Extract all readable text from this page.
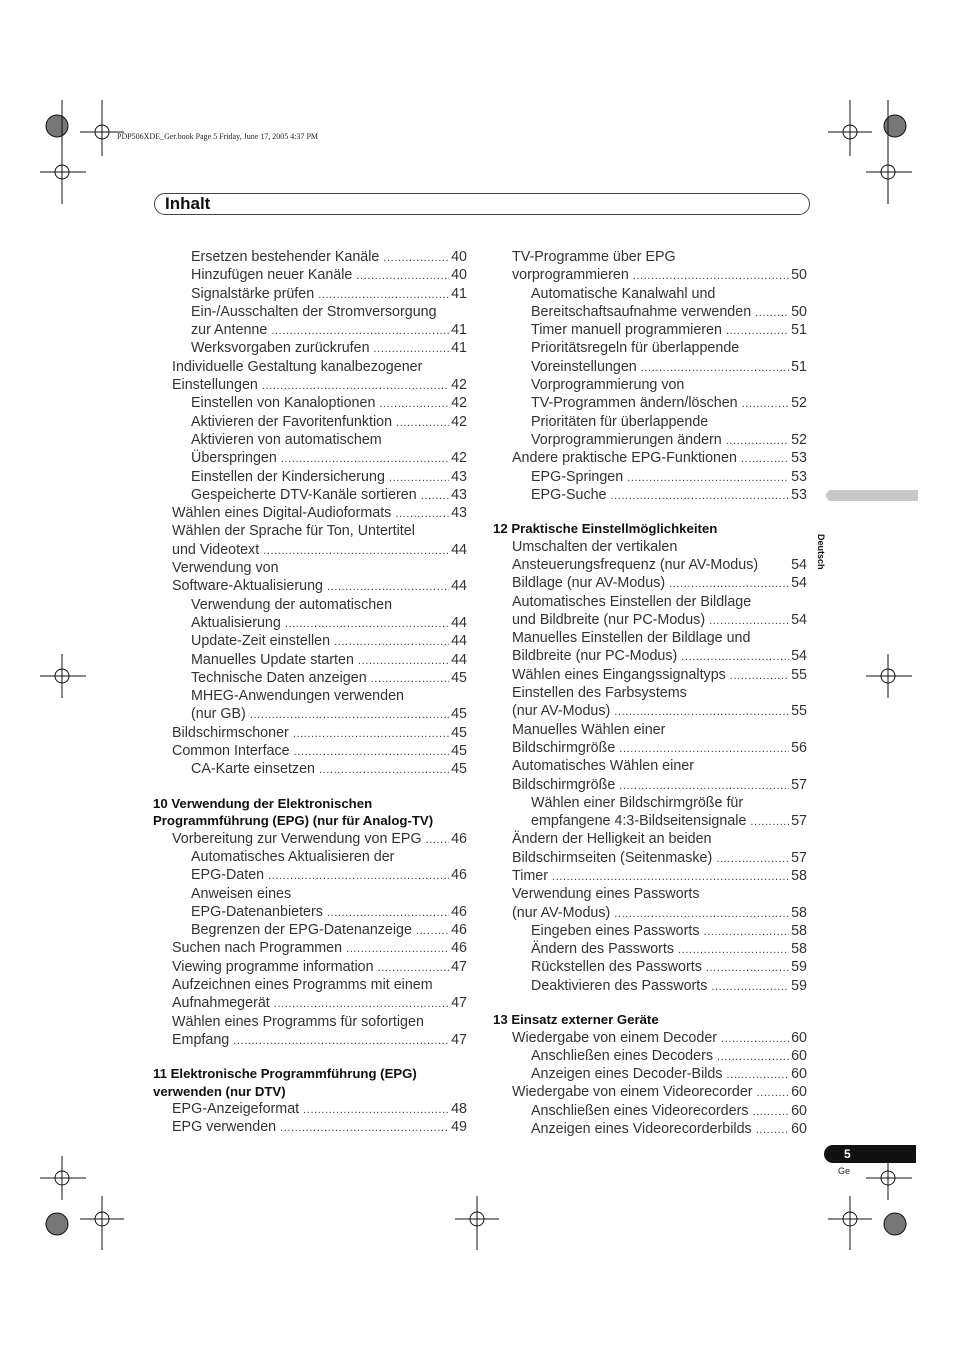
PDP506XDE_Ger.book Page 5 Friday, June 17, 2005 4:37 PM
Inhalt
Ersetzen bestehender Kanäle .....	40
Hinzufügen neuer Kanäle .....	40
Signalstärke prüfen .....	41
Ein-/Ausschalten der Stromversorgung
zur Antenne .....	41
Werksvorgaben zurückrufen .....	41
Individuelle Gestaltung kanalbezogener
Einstellungen .....	42
Einstellen von Kanaloptionen .....	42
Aktivieren der Favoritenfunktion .....	42
Aktivieren von automatischem
Überspringen .....	42
Einstellen der Kindersicherung .....	43
Gespeicherte DTV-Kanäle sortieren ..... 43
Wählen eines Digital-Audioformats .....	43
Wählen der Sprache für Ton, Untertitel
und Videotext .....	44
Verwendung von
Software-Aktualisierung .....	44
Verwendung der automatischen
Aktualisierung .....	44
Update-Zeit einstellen .....	44
Manuelles Update starten .....	44
Technische Daten anzeigen .....	45
MHEG-Anwendungen verwenden
(nur GB) .....	45
Bildschirmschoner .....	45
Common Interface .....	45
CA-Karte einsetzen .....	45
10 Verwendung der Elektronischen
Programmführung (EPG) (nur für Analog-TV)
Vorbereitung zur Verwendung von EPG ..... 46
Automatisches Aktualisieren der
EPG-Daten .....	46
Anweisen eines
EPG-Datenanbieters .....	46
Begrenzen der EPG-Datenanzeige .....	46
Suchen nach Programmen .....	46
Viewing programme information .....	47
Aufzeichnen eines Programms mit einem
Aufnahmegerät .....	47
Wählen eines Programms für sofortigen
Empfang .....	47
11 Elektronische Programmführung (EPG)
verwenden (nur DTV)
EPG-Anzeigeformat .....	48
EPG verwenden .....	49
TV-Programme über EPG
vorprogrammieren .....	50
Automatische Kanalwahl und
Bereitschaftsaufnahme verwenden .....	50
Timer manuell programmieren .....	51
Prioritätsregeln für überlappende
Voreinstellungen .....	51
Vorprogrammierung von
TV-Programmen ändern/löschen .....	52
Prioritäten für überlappende
Vorprogrammierungen ändern .....	52
Andere praktische EPG-Funktionen .....	53
EPG-Springen .....	53
EPG-Suche .....	53
12 Praktische Einstellmöglichkeiten
Umschalten der vertikalen
Ansteuerungsfrequenz (nur AV-Modus) 54
Bildlage (nur AV-Modus) .....	54
Automatisches Einstellen der Bildlage
und Bildbreite (nur PC-Modus) .....	54
Manuelles Einstellen der Bildlage und
Bildbreite (nur PC-Modus) .....	54
Wählen eines Eingangssignaltyps .....	55
Einstellen des Farbsystems
(nur AV-Modus) .....	55
Manuelles Wählen einer
Bildschirmgröße .....	56
Automatisches Wählen einer
Bildschirmgröße .....	57
Wählen einer Bildschirmgröße für
empfangene 4:3-Bildseitensignale .....	57
Ändern der Helligkeit an beiden
Bildschirmseiten (Seitenmaske) .....	57
Timer .....	58
Verwendung eines Passworts
(nur AV-Modus) .....	58
Eingeben eines Passworts .....	58
Ändern des Passworts .....	58
Rückstellen des Passworts .....	59
Deaktivieren des Passworts .....	59
13 Einsatz externer Geräte
Wiedergabe von einem Decoder .....	60
Anschließen eines Decoders .....	60
Anzeigen eines Decoder-Bilds .....	60
Wiedergabe von einem Videorecorder .....	60
Anschließen eines Videorecorders .....	60
Anzeigen eines Videorecorderbilds .....	60
Deutsch
5
Ge
